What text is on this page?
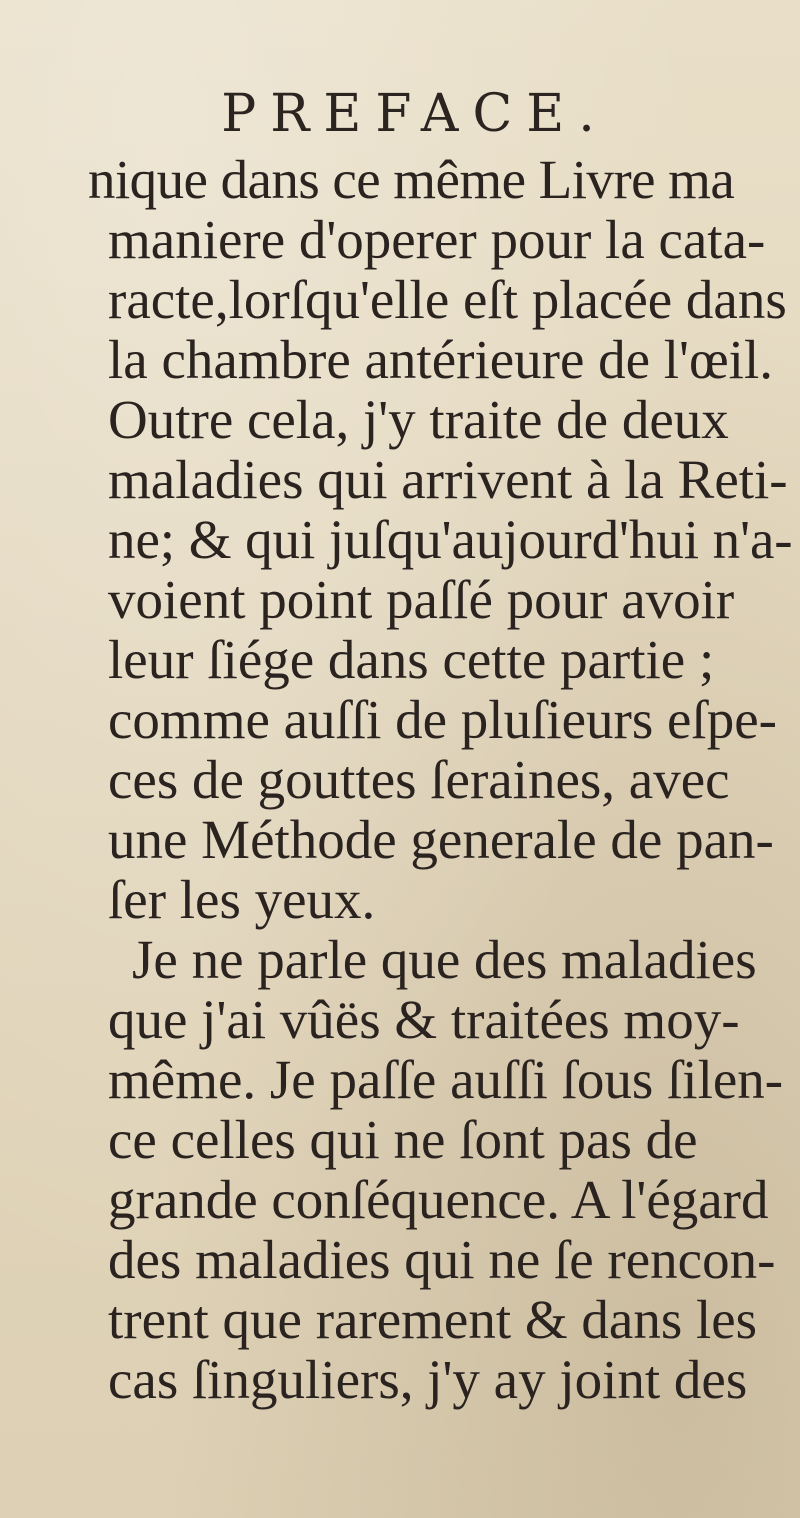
PREFACE.
nique dans ce même Livre ma
maniere d'operer pour la cata-
racte,lorſqu'elle eſt placée dans
la chambre antérieure de l'œil.
Outre cela, j'y traite de deux
maladies qui arrivent à la Reti-
ne; & qui juſqu'aujourd'hui n'a-
voient point paſſé pour avoir
leur ſiége dans cette partie ;
comme auſſi de pluſieurs eſpe-
ces de gouttes ſeraines, avec
une Méthode generale de pan-
ſer les yeux.
Je ne parle que des maladies
que j'ai vûës & traitées moy-
même. Je paſſe auſſi ſous ſilen-
ce celles qui ne ſont pas de
grande conſéquence. A l'égard
des maladies qui ne ſe rencon-
trent que rarement & dans les
cas ſinguliers, j'y ay joint des
